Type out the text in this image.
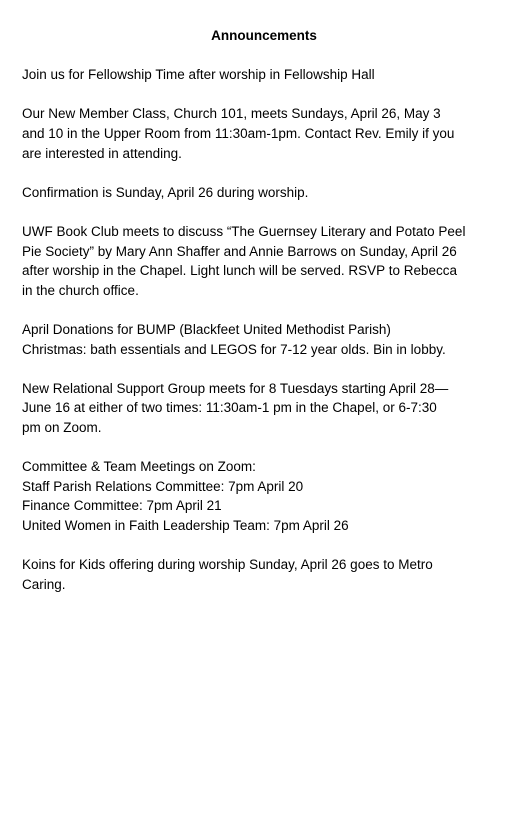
Announcements

Join us for Fellowship Time after worship in Fellowship Hall

Our New Member Class, Church 101, meets Sundays, April 26, May 3
and 10 in the Upper Room from 11:30am-1pm. Contact Rev. Emily if you
are interested in attending.

Confirmation is Sunday, April 26 during worship.

UWF Book Club meets to discuss “The Guernsey Literary and Potato Peel
Pie Society” by Mary Ann Shaffer and Annie Barrows on Sunday, April 26
after worship in the Chapel. Light lunch will be served. RSVP to Rebecca
in the church office.

April Donations for BUMP (Blackfeet United Methodist Parish)
Christmas: bath essentials and LEGOS for 7-12 year olds. Bin in lobby.

New Relational Support Group meets for 8 Tuesdays starting April 28—
June 16 at either of two times: 11:30am-1 pm in the Chapel, or 6-7:30
pm on Zoom.

Committee & Team Meetings on Zoom:
Staff Parish Relations Committee: 7pm April 20
Finance Committee: 7pm April 21
United Women in Faith Leadership Team: 7pm April 26

Koins for Kids offering during worship Sunday, April 26 goes to Metro
Caring.
